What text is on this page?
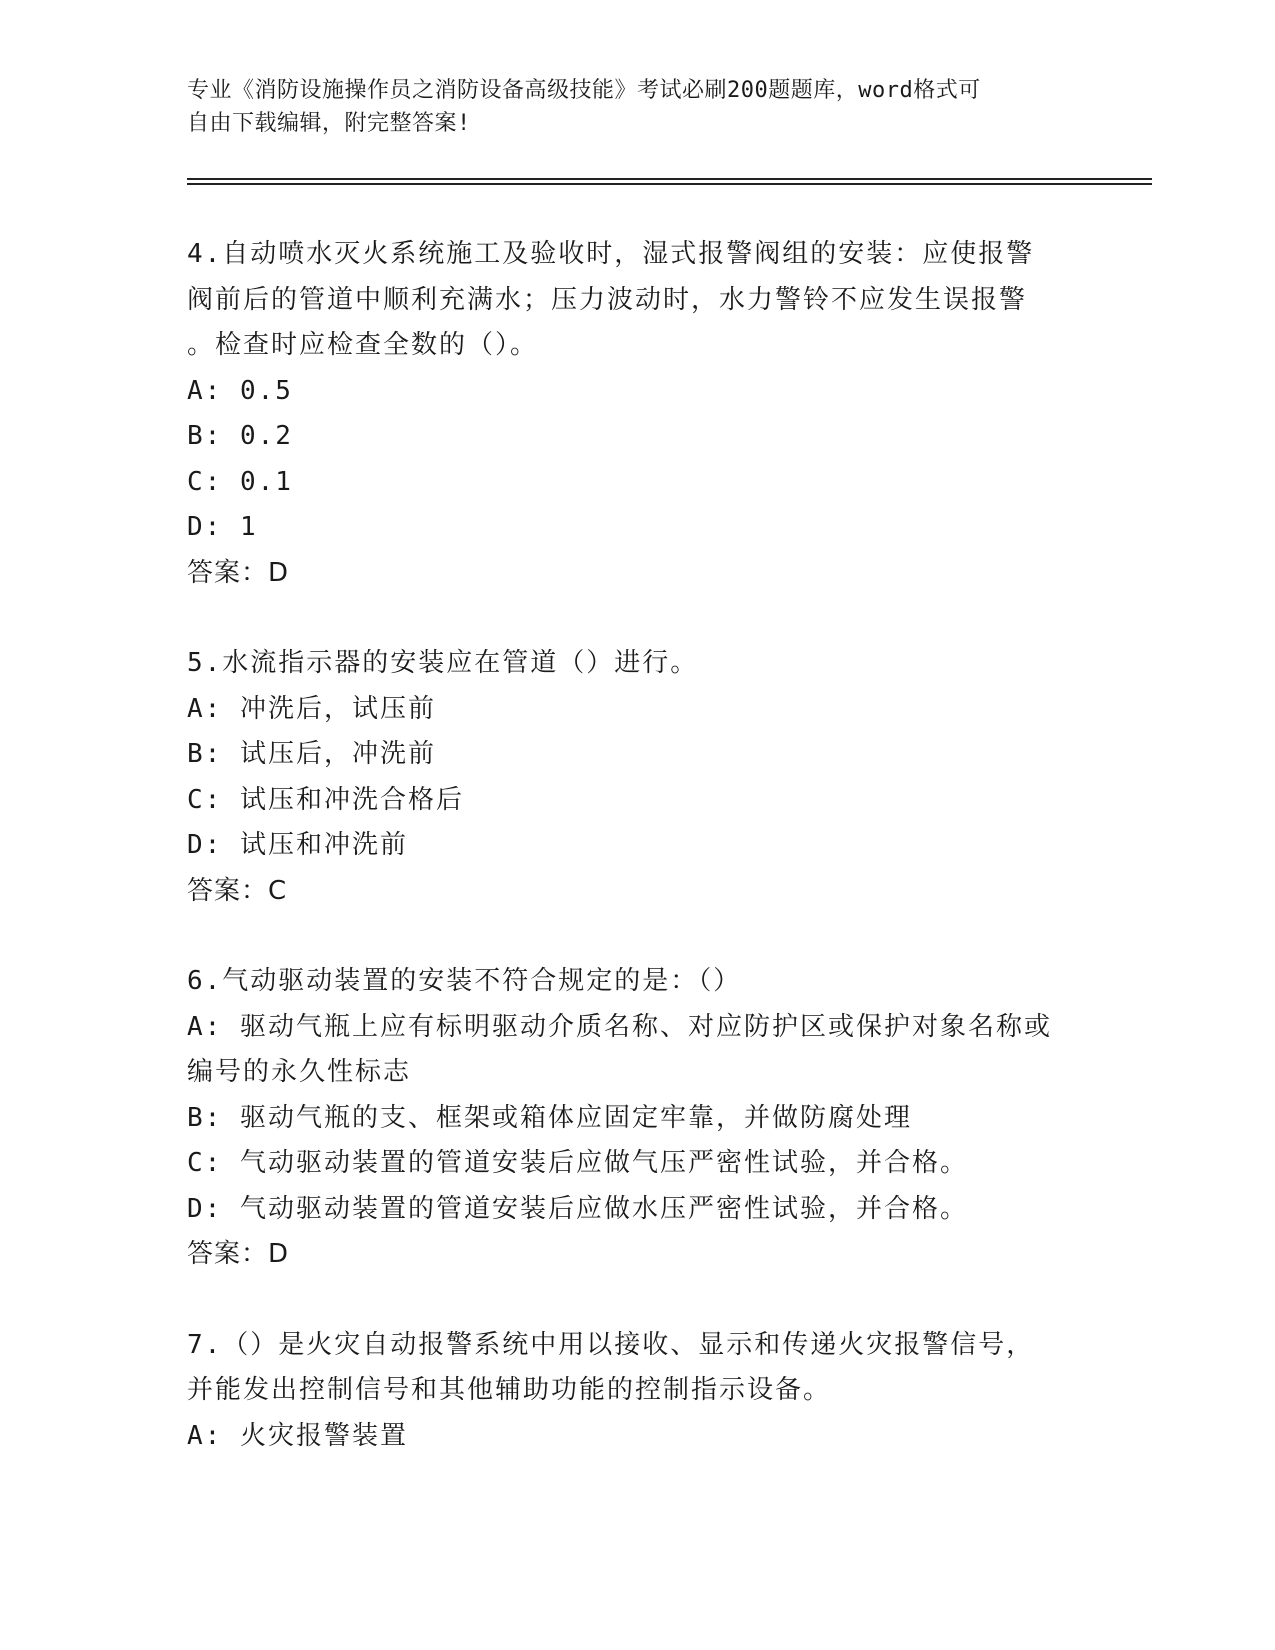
专业《消防设施操作员之消防设备高级技能》考试必刷200题题库，word格式可
自由下载编辑，附完整答案!
4.自动喷水灭火系统施工及验收时，湿式报警阀组的安装：应使报警
阀前后的管道中顺利充满水；压力波动时，水力警铃不应发生误报警
。检查时应检查全数的（）。
A: 0.5
B: 0.2
C: 0.1
D: 1
答案：D
5.水流指示器的安装应在管道（）进行。
A: 冲洗后，试压前
B: 试压后，冲洗前
C: 试压和冲洗合格后
D: 试压和冲洗前
答案：C
6.气动驱动装置的安装不符合规定的是：（）
A: 驱动气瓶上应有标明驱动介质名称、对应防护区或保护对象名称或
编号的永久性标志
B: 驱动气瓶的支、框架或箱体应固定牢靠，并做防腐处理
C: 气动驱动装置的管道安装后应做气压严密性试验，并合格。
D: 气动驱动装置的管道安装后应做水压严密性试验，并合格。
答案：D
7.（）是火灾自动报警系统中用以接收、显示和传递火灾报警信号，
并能发出控制信号和其他辅助功能的控制指示设备。
A: 火灾报警装置
